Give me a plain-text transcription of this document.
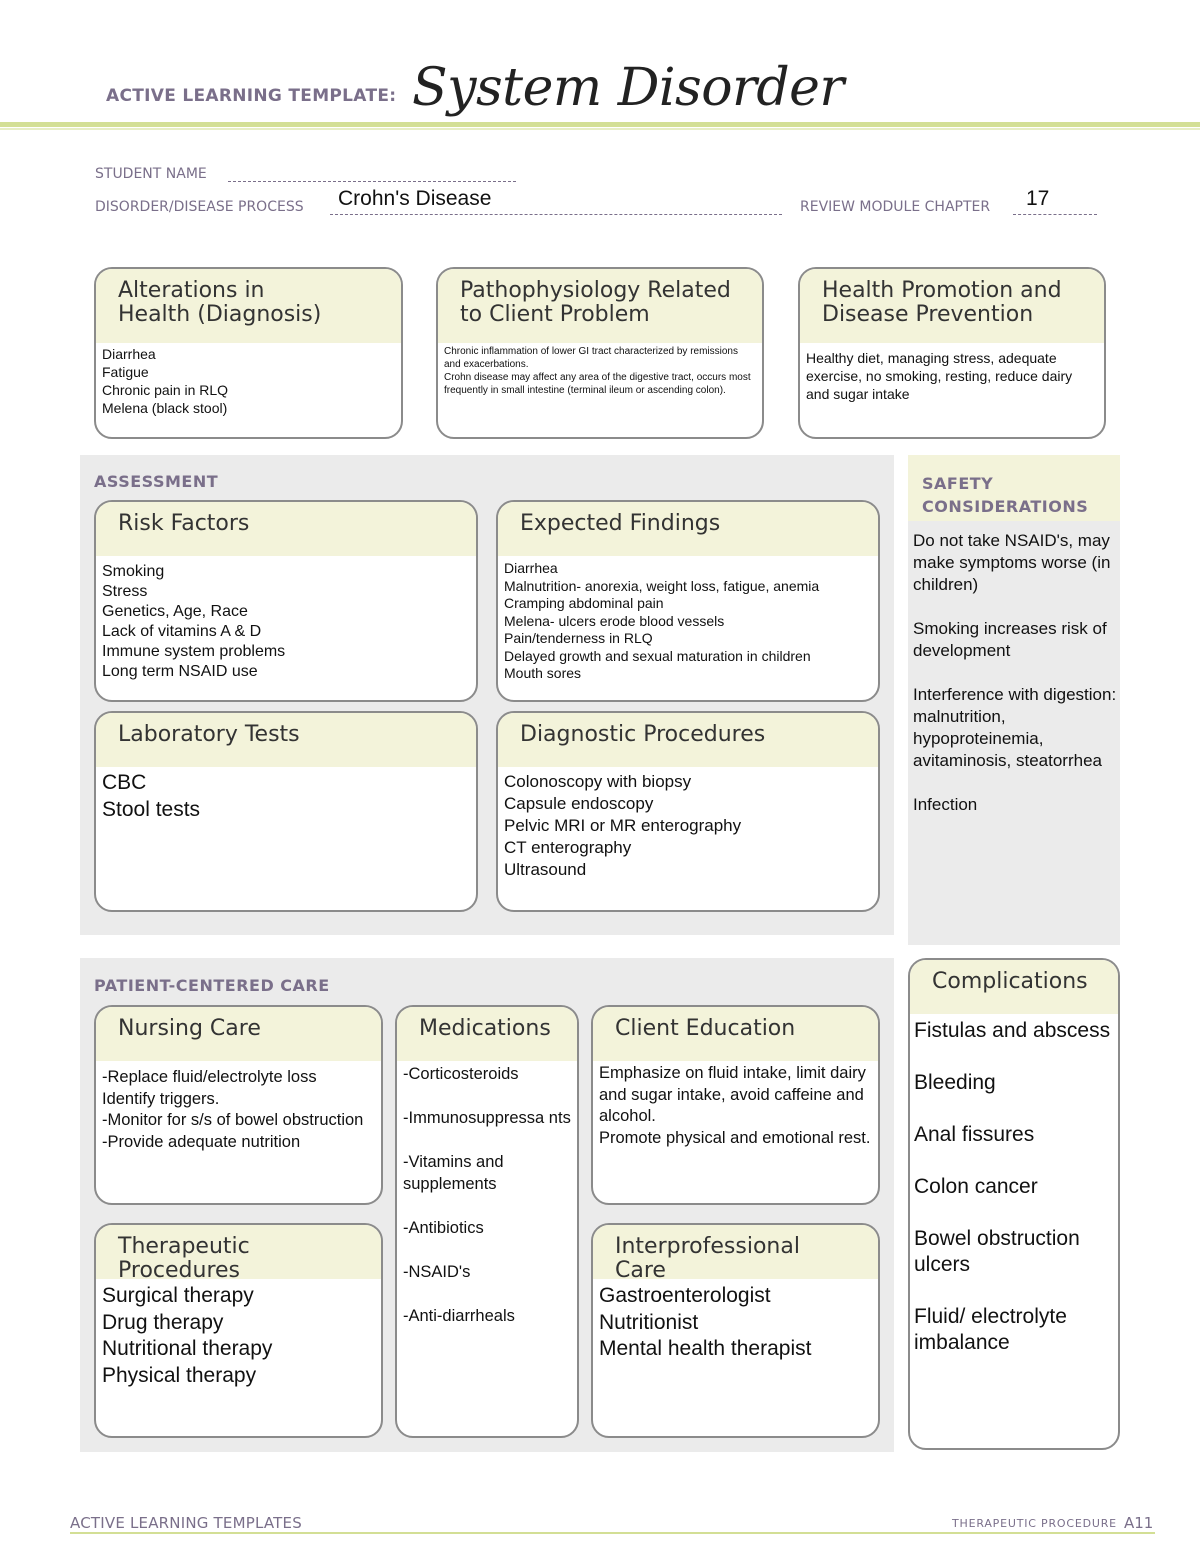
ACTIVE LEARNING TEMPLATE: System Disorder
STUDENT NAME
DISORDER/DISEASE PROCESS Crohn's Disease	REVIEW MODULE CHAPTER 17
Alterations in
Health (Diagnosis)
Diarrhea
Fatigue
Chronic pain in RLQ
Melena (black stool)
Pathophysiology Related
to Client Problem
Chronic inflammation of lower GI tract characterized by remissions and exacerbations.
Crohn disease may affect any area of the digestive tract, occurs most frequently in small intestine (terminal ileum or ascending colon).
Health Promotion and
Disease Prevention
Healthy diet, managing stress, adequate exercise, no smoking, resting, reduce dairy and sugar intake
ASSESSMENT
Risk Factors
Smoking
Stress
Genetics, Age, Race
Lack of vitamins A & D
Immune system problems
Long term NSAID use
Expected Findings
Diarrhea
Malnutrition- anorexia, weight loss, fatigue, anemia
Cramping abdominal pain
Melena- ulcers erode blood vessels
Pain/tenderness in RLQ
Delayed growth and sexual maturation in children
Mouth sores
Laboratory Tests
CBC
Stool tests
Diagnostic Procedures
Colonoscopy with biopsy
Capsule endoscopy
Pelvic MRI or MR enterography
CT enterography
Ultrasound
SAFETY
CONSIDERATIONS
Do not take NSAID's, may make symptoms worse (in children)

Smoking increases risk of development

Interference with digestion: malnutrition, hypoproteinemia, avitaminosis, steatorrhea

Infection
PATIENT-CENTERED CARE
Nursing Care
-Replace fluid/electrolyte loss
Identify triggers.
-Monitor for s/s of bowel obstruction
-Provide adequate nutrition
Medications
-Corticosteroids

-Immunosuppressa nts

-Vitamins and supplements

-Antibiotics

-NSAID's

-Anti-diarrheals
Client Education
Emphasize on fluid intake, limit dairy and sugar intake, avoid caffeine and alcohol.
Promote physical and emotional rest.
Therapeutic Procedures
Surgical therapy
Drug therapy
Nutritional therapy
Physical therapy
Interprofessional Care
Gastroenterologist
Nutritionist
Mental health therapist
Complications
Fistulas and abscess

Bleeding

Anal fissures

Colon cancer

Bowel obstruction ulcers

Fluid/ electrolyte imbalance
ACTIVE LEARNING TEMPLATES	THERAPEUTIC PROCEDURE A11
